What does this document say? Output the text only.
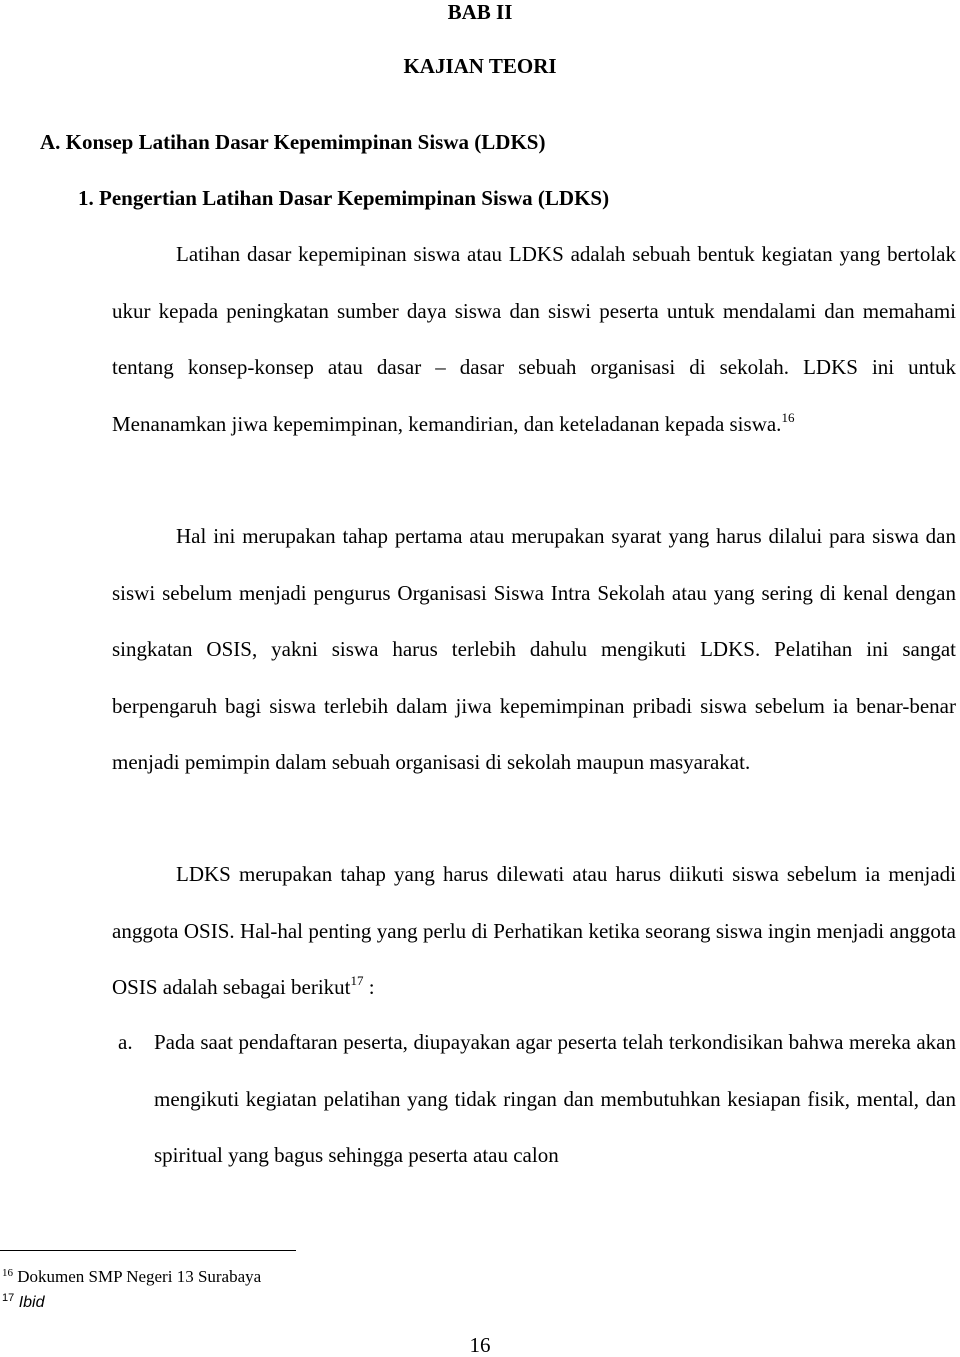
BAB II
KAJIAN TEORI
A. Konsep Latihan Dasar Kepemimpinan Siswa (LDKS)
1. Pengertian Latihan Dasar Kepemimpinan Siswa (LDKS)

Latihan dasar kepemipinan siswa atau LDKS adalah sebuah bentuk kegiatan yang bertolak ukur kepada peningkatan sumber daya siswa dan siswi peserta untuk mendalami dan memahami tentang konsep-konsep atau dasar – dasar sebuah organisasi di sekolah. LDKS ini untuk Menanamkan jiwa kepemimpinan, kemandirian, dan keteladanan kepada siswa.$^{16}$

Hal ini merupakan tahap pertama atau merupakan syarat yang harus dilalui para siswa dan siswi sebelum menjadi pengurus Organisasi Siswa Intra Sekolah atau yang sering di kenal dengan singkatan OSIS, yakni siswa harus terlebih dahulu mengikuti LDKS. Pelatihan ini sangat berpengaruh bagi siswa terlebih dalam jiwa kepemimpinan pribadi siswa sebelum ia benar-benar menjadi pemimpin dalam sebuah organisasi di sekolah maupun masyarakat.

LDKS merupakan tahap yang harus dilewati atau harus diikuti siswa sebelum ia menjadi anggota OSIS. Hal-hal penting yang perlu di Perhatikan ketika seorang siswa ingin menjadi anggota OSIS adalah sebagai berikut$^{17}$ :

a. Pada saat pendaftaran peserta, diupayakan agar peserta telah terkondisikan bahwa mereka akan mengikuti kegiatan pelatihan yang tidak ringan dan membutuhkan kesiapan fisik, mental, dan spiritual yang bagus sehingga peserta atau calon
$^{16}$ Dokumen SMP Negeri 13 Surabaya
$^{17}$ Ibid
16
